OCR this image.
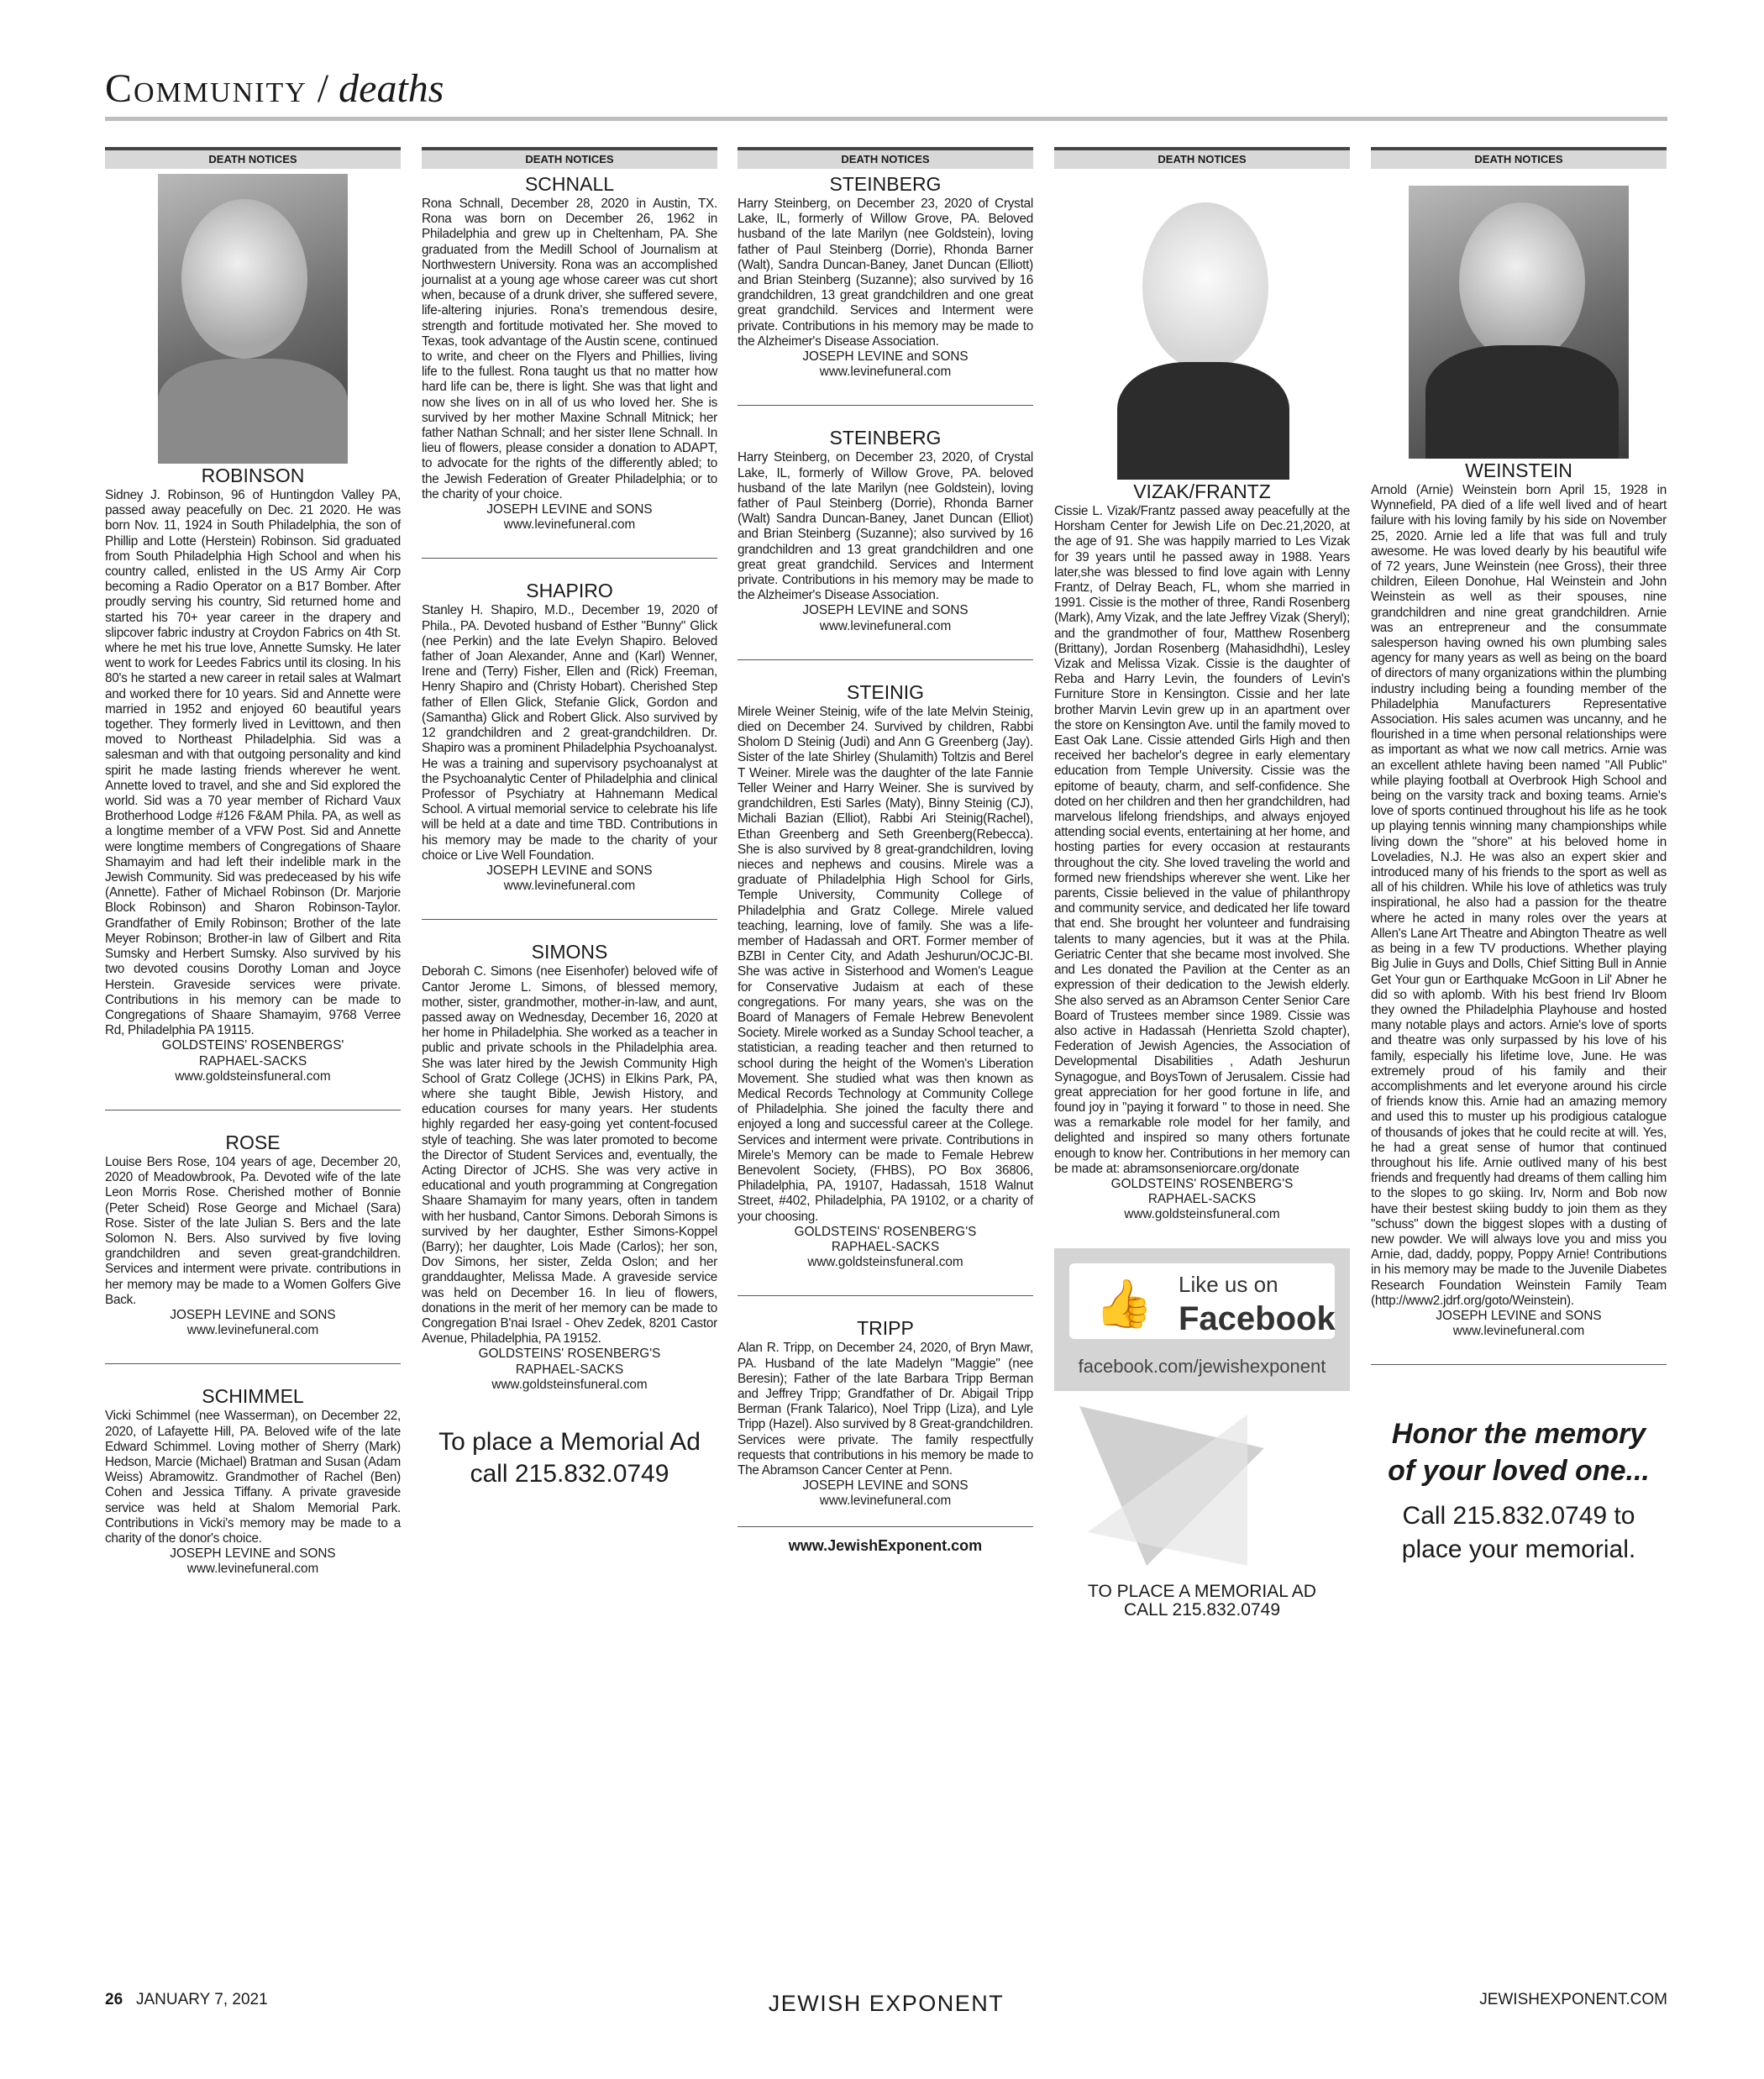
Community / deaths
DEATH NOTICES
ROBINSON

Sidney J. Robinson, 96 of Huntingdon Valley PA, passed away peacefully on Dec. 21 2020. He was born Nov. 11, 1924 in South Philadelphia, the son of Phillip and Lotte (Herstein) Robinson. Sid graduated from South Philadelphia High School and when his country called, enlisted in the US Army Air Corp becoming a Radio Operator on a B17 Bomber. After proudly serving his country, Sid returned home and started his 70+ year career in the drapery and slipcover fabric industry at Croydon Fabrics on 4th St. where he met his true love, Annette Sumsky. He later went to work for Leedes Fabrics until its closing. In his 80's he started a new career in retail sales at Walmart and worked there for 10 years. Sid and Annette were married in 1952 and enjoyed 60 beautiful years together. They formerly lived in Levittown, and then moved to Northeast Philadelphia. Sid was a salesman and with that outgoing personality and kind spirit he made lasting friends wherever he went. Annette loved to travel, and she and Sid explored the world. Sid was a 70 year member of Richard Vaux Brotherhood Lodge #126 F&AM Phila. PA, as well as a longtime member of a VFW Post. Sid and Annette were longtime members of Congregations of Shaare Shamayim and had left their indelible mark in the Jewish Community. Sid was predeceased by his wife (Annette). Father of Michael Robinson (Dr. Marjorie Block Robinson) and Sharon Robinson-Taylor. Grandfather of Emily Robinson; Brother of the late Meyer Robinson; Brother-in law of Gilbert and Rita Sumsky and Herbert Sumsky. Also survived by his two devoted cousins Dorothy Loman and Joyce Herstein. Graveside services were private. Contributions in his memory can be made to Congregations of Shaare Shamayim, 9768 Verree Rd, Philadelphia PA 19115.

GOLDSTEINS' ROSENBERGS'
RAPHAEL-SACKS
www.goldsteinsfuneral.com
ROSE

Louise Bers Rose, 104 years of age, December 20, 2020 of Meadowbrook, Pa. Devoted wife of the late Leon Morris Rose. Cherished mother of Bonnie (Peter Scheid) Rose George and Michael (Sara) Rose. Sister of the late Julian S. Bers and the late Solomon N. Bers. Also survived by five loving grandchildren and seven great-grandchildren. Services and interment were private. contributions in her memory may be made to a Women Golfers Give Back.

JOSEPH LEVINE and SONS
www.levinefuneral.com
SCHIMMEL

Vicki Schimmel (nee Wasserman), on December 22, 2020, of Lafayette Hill, PA. Beloved wife of the late Edward Schimmel. Loving mother of Sherry (Mark) Hedson, Marcie (Michael) Bratman and Susan (Adam Weiss) Abramowitz. Grandmother of Rachel (Ben) Cohen and Jessica Tiffany. A private graveside service was held at Shalom Memorial Park. Contributions in Vicki's memory may be made to a charity of the donor's choice.

JOSEPH LEVINE and SONS
www.levinefuneral.com
DEATH NOTICES
SCHNALL

Rona Schnall, December 28, 2020 in Austin, TX. Rona was born on December 26, 1962 in Philadelphia and grew up in Cheltenham, PA. She graduated from the Medill School of Journalism at Northwestern University. Rona was an accomplished journalist at a young age whose career was cut short when, because of a drunk driver, she suffered severe, life-altering injuries. Rona's tremendous desire, strength and fortitude motivated her. She moved to Texas, took advantage of the Austin scene, continued to write, and cheer on the Flyers and Phillies, living life to the fullest. Rona taught us that no matter how hard life can be, there is light. She was that light and now she lives on in all of us who loved her. She is survived by her mother Maxine Schnall Mitnick; her father Nathan Schnall; and her sister Ilene Schnall. In lieu of flowers, please consider a donation to ADAPT, to advocate for the rights of the differently abled; to the Jewish Federation of Greater Philadelphia; or to the charity of your choice.

JOSEPH LEVINE and SONS
www.levinefuneral.com
SHAPIRO

Stanley H. Shapiro, M.D., December 19, 2020 of Phila., PA. Devoted husband of Esther "Bunny" Glick (nee Perkin) and the late Evelyn Shapiro. Beloved father of Joan Alexander, Anne and (Karl) Wenner, Irene and (Terry) Fisher, Ellen and (Rick) Freeman, Henry Shapiro and (Christy Hobart). Cherished Step father of Ellen Glick, Stefanie Glick, Gordon and (Samantha) Glick and Robert Glick. Also survived by 12 grandchildren and 2 great-grandchildren. Dr. Shapiro was a prominent Philadelphia Psychoanalyst. He was a training and supervisory psychoanalyst at the Psychoanalytic Center of Philadelphia and clinical Professor of Psychiatry at Hahnemann Medical School. A virtual memorial service to celebrate his life will be held at a date and time TBD. Contributions in his memory may be made to the charity of your choice or Live Well Foundation.

JOSEPH LEVINE and SONS
www.levinefuneral.com
SIMONS

Deborah C. Simons (nee Eisenhofer) beloved wife of Cantor Jerome L. Simons, of blessed memory, mother, sister, grandmother, mother-in-law, and aunt, passed away on Wednesday, December 16, 2020 at her home in Philadelphia. She worked as a teacher in public and private schools in the Philadelphia area. She was later hired by the Jewish Community High School of Gratz College (JCHS) in Elkins Park, PA, where she taught Bible, Jewish History, and education courses for many years. Her students highly regarded her easy-going yet content-focused style of teaching. She was later promoted to become the Director of Student Services and, eventually, the Acting Director of JCHS. She was very active in educational and youth programming at Congregation Shaare Shamayim for many years, often in tandem with her husband, Cantor Simons. Deborah Simons is survived by her daughter, Esther Simons-Koppel (Barry); her daughter, Lois Made (Carlos); her son, Dov Simons, her sister, Zelda Oslon; and her granddaughter, Melissa Made. A graveside service was held on December 16. In lieu of flowers, donations in the merit of her memory can be made to Congregation B'nai Israel - Ohev Zedek, 8201 Castor Avenue, Philadelphia, PA 19152.

GOLDSTEINS' ROSENBERG'S
RAPHAEL-SACKS
www.goldsteinsfuneral.com
To place a Memorial Ad
call 215.832.0749
DEATH NOTICES
STEINBERG

Harry Steinberg, on December 23, 2020 of Crystal Lake, IL, formerly of Willow Grove, PA. Beloved husband of the late Marilyn (nee Goldstein), loving father of Paul Steinberg (Dorrie), Rhonda Barner (Walt), Sandra Duncan-Baney, Janet Duncan (Elliott) and Brian Steinberg (Suzanne); also survived by 16 grandchildren, 13 great grandchildren and one great great grandchild. Services and Interment were private. Contributions in his memory may be made to the Alzheimer's Disease Association.

JOSEPH LEVINE and SONS
www.levinefuneral.com
STEINBERG

Harry Steinberg, on December 23, 2020, of Crystal Lake, IL, formerly of Willow Grove, PA. beloved husband of the late Marilyn (nee Goldstein), loving father of Paul Steinberg (Dorrie), Rhonda Barner (Walt) Sandra Duncan-Baney, Janet Duncan (Elliot) and Brian Steinberg (Suzanne); also survived by 16 grandchildren and 13 great grandchildren and one great great grandchild. Services and Interment private. Contributions in his memory may be made to the Alzheimer's Disease Association.

JOSEPH LEVINE and SONS
www.levinefuneral.com
STEINIG

Mirele Weiner Steinig, wife of the late Melvin Steinig, died on December 24. Survived by children, Rabbi Sholom D Steinig (Judi) and Ann G Greenberg (Jay). Sister of the late Shirley (Shulamith) Toltzis and Berel T Weiner. Mirele was the daughter of the late Fannie Teller Weiner and Harry Weiner. She is survived by grandchildren, Esti Sarles (Maty), Binny Steinig (CJ), Michali Bazian (Elliot), Rabbi Ari Steinig(Rachel), Ethan Greenberg and Seth Greenberg(Rebecca). She is also survived by 8 great-grandchildren, loving nieces and nephews and cousins. Mirele was a graduate of Philadelphia High School for Girls, Temple University, Community College of Philadelphia and Gratz College. Mirele valued teaching, learning, love of family. She was a life-member of Hadassah and ORT. Former member of BZBI in Center City, and Adath Jeshurun/OCJC-BI. She was active in Sisterhood and Women's League for Conservative Judaism at each of these congregations. For many years, she was on the Board of Managers of Female Hebrew Benevolent Society. Mirele worked as a Sunday School teacher, a statistician, a reading teacher and then returned to school during the height of the Women's Liberation Movement. She studied what was then known as Medical Records Technology at Community College of Philadelphia. She joined the faculty there and enjoyed a long and successful career at the College. Services and interment were private. Contributions in Mirele's Memory can be made to Female Hebrew Benevolent Society, (FHBS), PO Box 36806, Philadelphia, PA, 19107, Hadassah, 1518 Walnut Street, #402, Philadelphia, PA 19102, or a charity of your choosing.

GOLDSTEINS' ROSENBERG'S
RAPHAEL-SACKS
www.goldsteinsfuneral.com
TRIPP

Alan R. Tripp, on December 24, 2020, of Bryn Mawr, PA. Husband of the late Madelyn "Maggie" (nee Beresin); Father of the late Barbara Tripp Berman and Jeffrey Tripp; Grandfather of Dr. Abigail Tripp Berman (Frank Talarico), Noel Tripp (Liza), and Lyle Tripp (Hazel). Also survived by 8 Great-grandchildren. Services were private. The family respectfully requests that contributions in his memory be made to The Abramson Cancer Center at Penn.

JOSEPH LEVINE and SONS
www.levinefuneral.com
www.JewishExponent.com
DEATH NOTICES
VIZAK/FRANTZ

Cissie L. Vizak/Frantz passed away peacefully at the Horsham Center for Jewish Life on Dec.21,2020, at the age of 91. She was happily married to Les Vizak for 39 years until he passed away in 1988. Years later,she was blessed to find love again with Lenny Frantz, of Delray Beach, FL, whom she married in 1991. Cissie is the mother of three, Randi Rosenberg (Mark), Amy Vizak, and the late Jeffrey Vizak (Sheryl); and the grandmother of four, Matthew Rosenberg (Brittany), Jordan Rosenberg (Mahasidhdhi), Lesley Vizak and Melissa Vizak. Cissie is the daughter of Reba and Harry Levin, the founders of Levin's Furniture Store in Kensington. Cissie and her late brother Marvin Levin grew up in an apartment over the store on Kensington Ave. until the family moved to East Oak Lane. Cissie attended Girls High and then received her bachelor's degree in early elementary education from Temple University. Cissie was the epitome of beauty, charm, and self-confidence. She doted on her children and then her grandchildren, had marvelous lifelong friendships, and always enjoyed attending social events, entertaining at her home, and hosting parties for every occasion at restaurants throughout the city. She loved traveling the world and formed new friendships wherever she went. Like her parents, Cissie believed in the value of philanthropy and community service, and dedicated her life toward that end. She brought her volunteer and fundraising talents to many agencies, but it was at the Phila. Geriatric Center that she became most involved. She and Les donated the Pavilion at the Center as an expression of their dedication to the Jewish elderly. She also served as an Abramson Center Senior Care Board of Trustees member since 1989. Cissie was also active in Hadassah (Henrietta Szold chapter), Federation of Jewish Agencies, the Association of Developmental Disabilities , Adath Jeshurun Synagogue, and BoysTown of Jerusalem. Cissie had great appreciation for her good fortune in life, and found joy in "paying it forward " to those in need. She was a remarkable role model for her family, and delighted and inspired so many others fortunate enough to know her. Contributions in her memory can be made at: abramsonseniorcare.org/donate

GOLDSTEINS' ROSENBERG'S
RAPHAEL-SACKS
www.goldsteinsfuneral.com
👍 Like us on
Facebook
facebook.com/jewishexponent
TO PLACE A MEMORIAL AD
CALL 215.832.0749
DEATH NOTICES
WEINSTEIN

Arnold (Arnie) Weinstein born April 15, 1928 in Wynnefield, PA died of a life well lived and of heart failure with his loving family by his side on November 25, 2020. Arnie led a life that was full and truly awesome. He was loved dearly by his beautiful wife of 72 years, June Weinstein (nee Gross), their three children, Eileen Donohue, Hal Weinstein and John Weinstein as well as their spouses, nine grandchildren and nine great grandchildren. Arnie was an entrepreneur and the consummate salesperson having owned his own plumbing sales agency for many years as well as being on the board of directors of many organizations within the plumbing industry including being a founding member of the Philadelphia Manufacturers Representative Association. His sales acumen was uncanny, and he flourished in a time when personal relationships were as important as what we now call metrics. Arnie was an excellent athlete having been named "All Public" while playing football at Overbrook High School and being on the varsity track and boxing teams. Arnie's love of sports continued throughout his life as he took up playing tennis winning many championships while living down the "shore" at his beloved home in Loveladies, N.J. He was also an expert skier and introduced many of his friends to the sport as well as all of his children. While his love of athletics was truly inspirational, he also had a passion for the theatre where he acted in many roles over the years at Allen's Lane Art Theatre and Abington Theatre as well as being in a few TV productions. Whether playing Big Julie in Guys and Dolls, Chief Sitting Bull in Annie Get Your gun or Earthquake McGoon in Lil' Abner he did so with aplomb. With his best friend Irv Bloom they owned the Philadelphia Playhouse and hosted many notable plays and actors. Arnie's love of sports and theatre was only surpassed by his love of his family, especially his lifetime love, June. He was extremely proud of his family and their accomplishments and let everyone around his circle of friends know this. Arnie had an amazing memory and used this to muster up his prodigious catalogue of thousands of jokes that he could recite at will. Yes, he had a great sense of humor that continued throughout his life. Arnie outlived many of his best friends and frequently had dreams of them calling him to the slopes to go skiing. Irv, Norm and Bob now have their bestest skiing buddy to join them as they "schuss" down the biggest slopes with a dusting of new powder. We will always love you and miss you Arnie, dad, daddy, poppy, Poppy Arnie! Contributions in his memory may be made to the Juvenile Diabetes Research Foundation Weinstein Family Team (http://www2.jdrf.org/goto/Weinstein).

JOSEPH LEVINE and SONS
www.levinefuneral.com
Honor the memory
of your loved one...
Call 215.832.0749 to
place your memorial.
26 JANUARY 7, 2021	JEWISH EXPONENT	JEWISHEXPONENT.COM
